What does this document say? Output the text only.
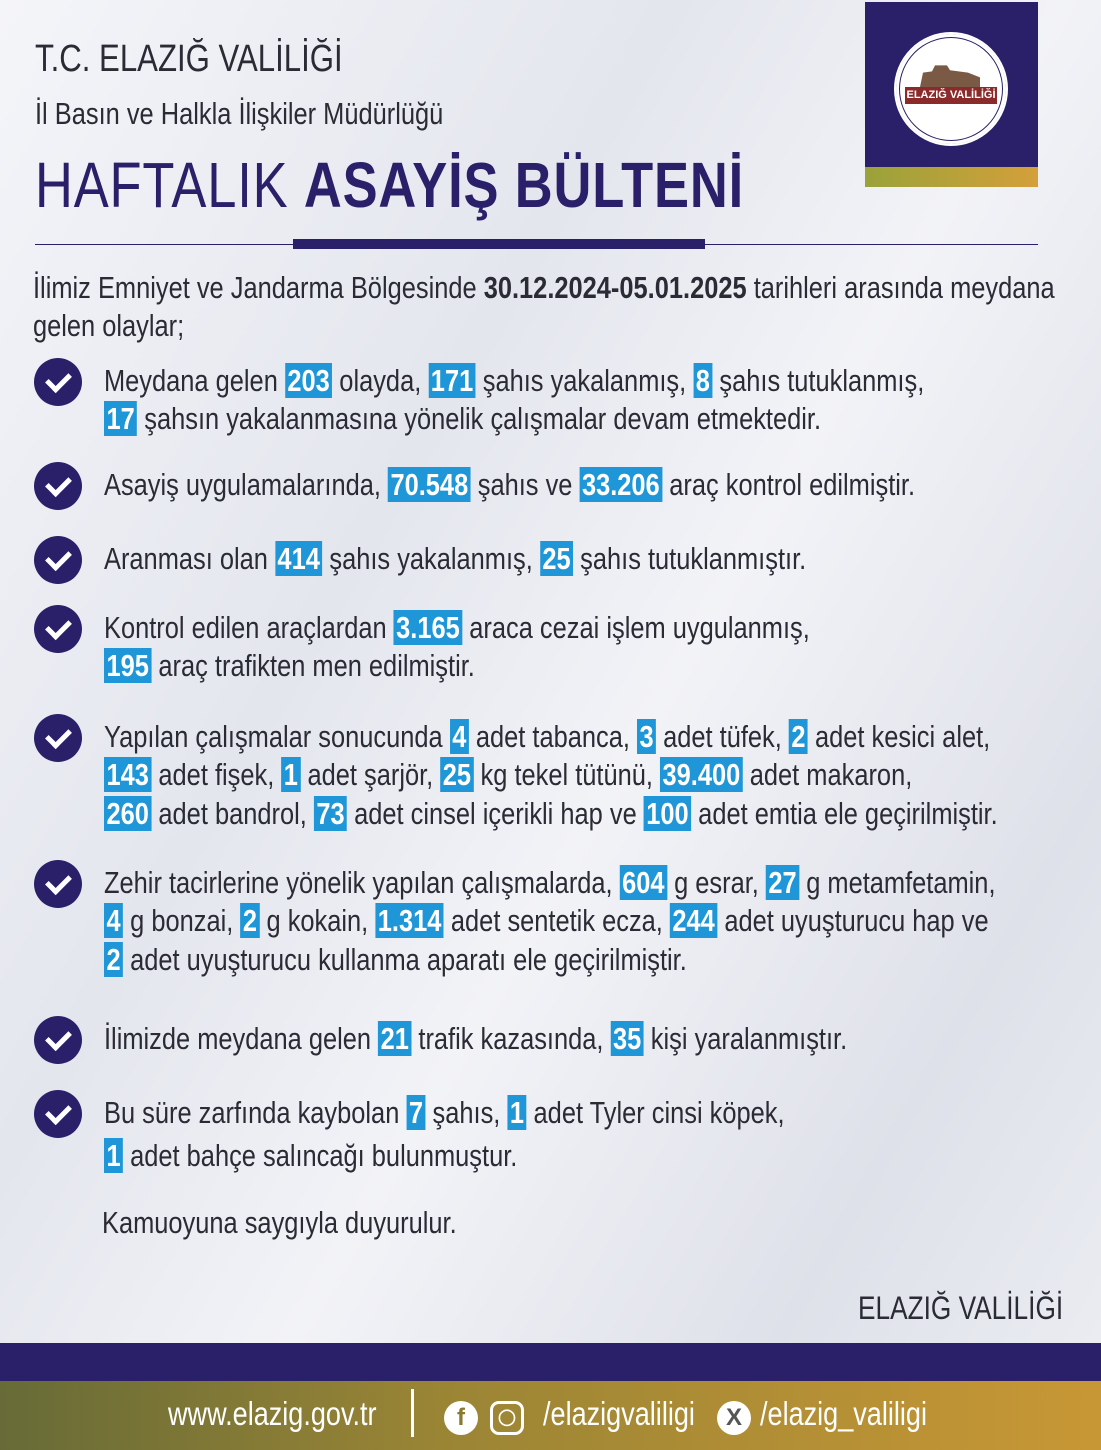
T.C. ELAZIĞ VALİLİĞİ
İl Basın ve Halkla İlişkiler Müdürlüğü
HAFTALIK ASAYİŞ BÜLTENİ
ELAZIĞ VALİLİĞİ
İlimiz Emniyet ve Jandarma Bölgesinde 30.12.2024-05.01.2025 tarihleri arasında meydana
gelen olaylar;
Meydana gelen 203 olayda, 171 şahıs yakalanmış, 8 şahıs tutuklanmış,
17 şahsın yakalanmasına yönelik çalışmalar devam etmektedir.
Asayiş uygulamalarında, 70.548 şahıs ve 33.206 araç kontrol edilmiştir.
Aranması olan 414 şahıs yakalanmış, 25 şahıs tutuklanmıştır.
Kontrol edilen araçlardan 3.165 araca cezai işlem uygulanmış,
195 araç trafikten men edilmiştir.
Yapılan çalışmalar sonucunda 4 adet tabanca, 3 adet tüfek, 2 adet kesici alet,
143 adet fişek, 1 adet şarjör, 25 kg tekel tütünü, 39.400 adet makaron,
260 adet bandrol, 73 adet cinsel içerikli hap ve 100 adet emtia ele geçirilmiştir.
Zehir tacirlerine yönelik yapılan çalışmalarda, 604 g esrar, 27 g metamfetamin,
4 g bonzai, 2 g kokain, 1.314 adet sentetik ecza, 244 adet uyuşturucu hap ve
2 adet uyuşturucu kullanma aparatı ele geçirilmiştir.
İlimizde meydana gelen 21 trafik kazasında, 35 kişi yaralanmıştır.
Bu süre zarfında kaybolan 7 şahıs, 1 adet Tyler cinsi köpek,
1 adet bahçe salıncağı bulunmuştur.
Kamuoyuna saygıyla duyurulur.
ELAZIĞ VALİLİĞİ
www.elazig.gov.tr	f	◯ /elazigvaliligi	X /elazig_valiligi
